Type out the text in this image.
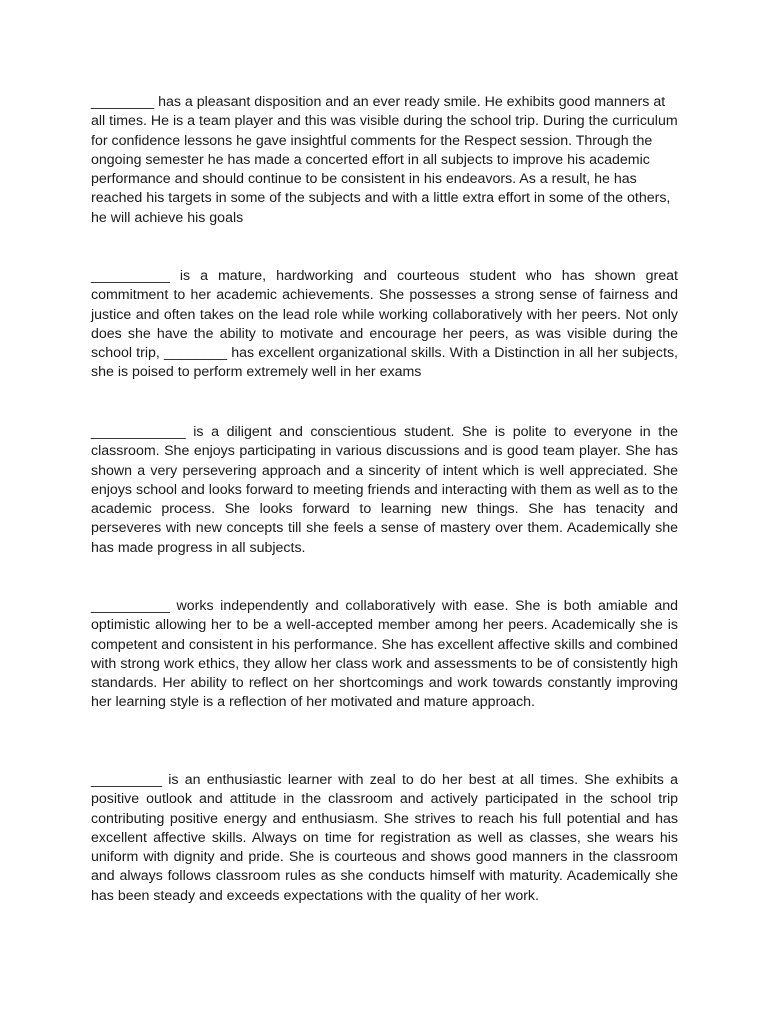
________ has a pleasant disposition and an ever ready smile. He exhibits good manners at all times. He is a team player and this was visible during the school trip. During the curriculum for confidence lessons he gave insightful comments for the Respect session. Through the ongoing semester he has made a concerted effort in all subjects to improve his academic performance and should continue to be consistent in his endeavors. As a result, he has reached his targets in some of the subjects and with a little extra effort in some of the others, he will achieve his goals

__________ is a mature, hardworking and courteous student who has shown great commitment to her academic achievements. She possesses a strong sense of fairness and justice and often takes on the lead role while working collaboratively with her peers. Not only does she have the ability to motivate and encourage her peers, as was visible during the school trip, ________ has excellent organizational skills. With a Distinction in all her subjects, she is poised to perform extremely well in her exams

____________ is a diligent and conscientious student. She is polite to everyone in the classroom. She enjoys participating in various discussions and is good team player. She has shown a very persevering approach and a sincerity of intent which is well appreciated. She enjoys school and looks forward to meeting friends and interacting with them as well as to the academic process. She looks forward to learning new things. She has tenacity and perseveres with new concepts till she feels a sense of mastery over them. Academically she has made progress in all subjects.

__________ works independently and collaboratively with ease. She is both amiable and optimistic allowing her to be a well-accepted member among her peers. Academically she is competent and consistent in his performance. She has excellent affective skills and combined with strong work ethics, they allow her class work and assessments to be of consistently high standards. Her ability to reflect on her shortcomings and work towards constantly improving her learning style is a reflection of her motivated and mature approach.

_________ is an enthusiastic learner with zeal to do her best at all times. She exhibits a positive outlook and attitude in the classroom and actively participated in the school trip contributing positive energy and enthusiasm. She strives to reach his full potential and has excellent affective skills. Always on time for registration as well as classes, she wears his uniform with dignity and pride. She is courteous and shows good manners in the classroom and always follows classroom rules as she conducts himself with maturity. Academically she has been steady and exceeds expectations with the quality of her work.
